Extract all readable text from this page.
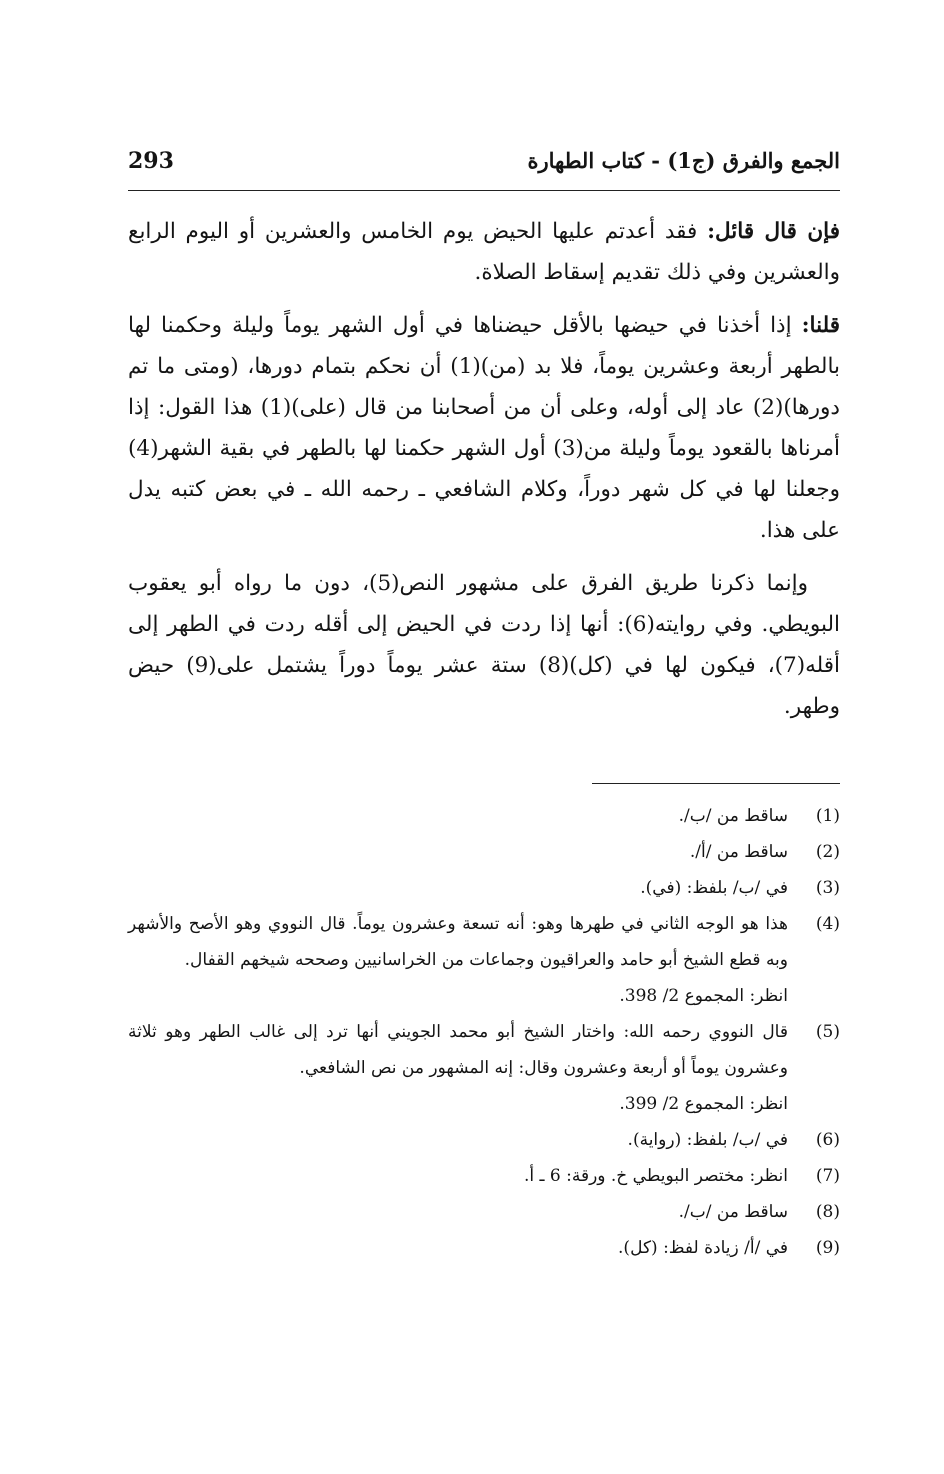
الجمع والفرق (ج1) - كتاب الطهارة
293

فإن قال قائل: فقد أعدتم عليها الحيض يوم الخامس والعشرين أو اليوم الرابع والعشرين وفي ذلك تقديم إسقاط الصلاة.

قلنا: إذا أخذنا في حيضها بالأقل حيضناها في أول الشهر يوماً وليلة وحكمنا لها بالطهر أربعة وعشرين يوماً، فلا بد (من)(1) أن نحكم بتمام دورها، (ومتى ما تم دورها)(2) عاد إلى أوله، وعلى أن من أصحابنا من قال (على)(1) هذا القول: إذا أمرناها بالقعود يوماً وليلة من(3) أول الشهر حكمنا لها بالطهر في بقية الشهر(4) وجعلنا لها في كل شهر دوراً، وكلام الشافعي ـ رحمه الله ـ في بعض كتبه يدل على هذا.

وإنما ذكرنا طريق الفرق على مشهور النص(5)، دون ما رواه أبو يعقوب البويطي. وفي روايته(6): أنها إذا ردت في الحيض إلى أقله ردت في الطهر إلى أقله(7)، فيكون لها في (كل)(8) ستة عشر يوماً دوراً يشتمل على(9) حيض وطهر.

(1)
ساقط من /ب/.
(2)
ساقط من /أ/.
(3)
في /ب/ بلفظ: (في).
(4)
هذا هو الوجه الثاني في طهرها وهو: أنه تسعة وعشرون يوماً. قال النووي وهو الأصح والأشهر وبه قطع الشيخ أبو حامد والعراقيون وجماعات من الخراسانيين وصححه شيخهم القفال.
انظر: المجموع 2/ 398.
(5)
قال النووي رحمه الله: واختار الشيخ أبو محمد الجويني أنها ترد إلى غالب الطهر وهو ثلاثة وعشرون يوماً أو أربعة وعشرون وقال: إنه المشهور من نص الشافعي.
انظر: المجموع 2/ 399.
(6)
في /ب/ بلفظ: (رواية).
(7)
انظر: مختصر البويطي خ. ورقة: 6 ـ أ.
(8)
ساقط من /ب/.
(9)
في /أ/ زيادة لفظ: (كل).
